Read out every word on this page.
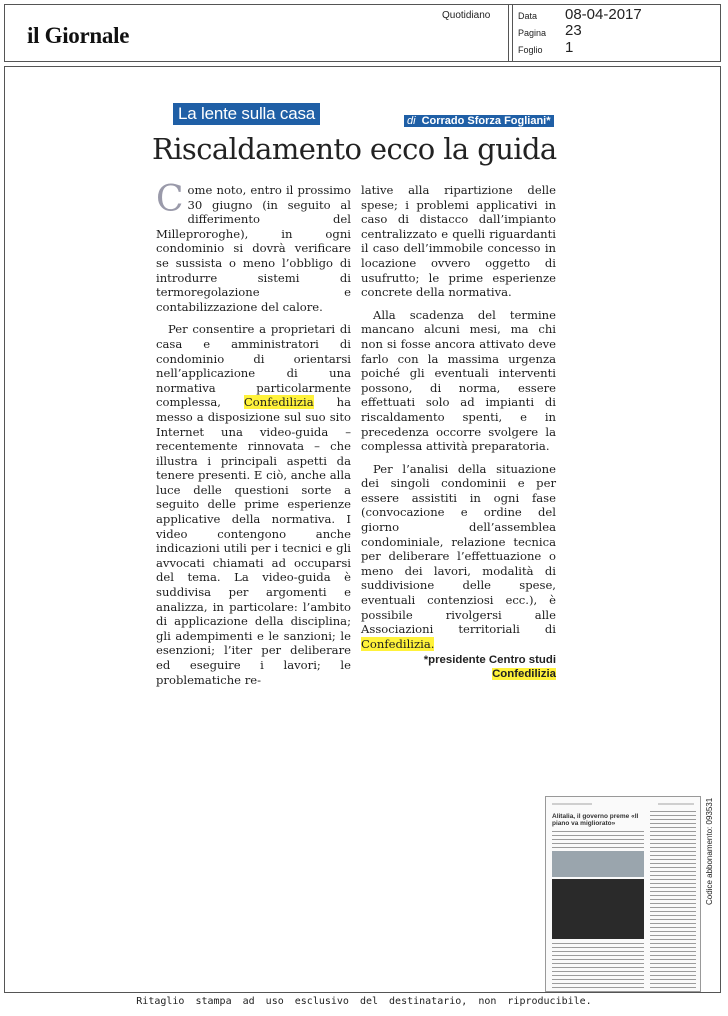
il Giornale
Quotidiano	Data 08-04-2017
Pagina 23
Foglio 1
La lente sulla casa	di Corrado Sforza Fogliani*
Riscaldamento ecco la guida

Come noto, entro il prossimo 30 giugno (in seguito al differimento del Milleproroghe), in ogni condominio si dovrà verificare se sussista o meno l’obbligo di introdurre sistemi di termoregolazione e contabilizzazione del calore.

Per consentire a proprietari di casa e amministratori di condominio di orientarsi nell’applicazione di una normativa particolarmente complessa, Confedilizia ha messo a disposizione sul suo sito Internet una video-guida – recentemente rinnovata – che illustra i principali aspetti da tenere presenti. E ciò, anche alla luce delle questioni sorte a seguito delle prime esperienze applicative della normativa. I video contengono anche indicazioni utili per i tecnici e gli avvocati chiamati ad occuparsi del tema. La video-guida è suddivisa per argomenti e analizza, in particolare: l’ambito di applicazione della disciplina; gli adempimenti e le sanzioni; le esenzioni; l’iter per deliberare ed eseguire i lavori; le problematiche re-

lative alla ripartizione delle spese; i problemi applicativi in caso di distacco dall’impianto centralizzato e quelli riguardanti il caso dell’immobile concesso in locazione ovvero oggetto di usufrutto; le prime esperienze concrete della normativa.

Alla scadenza del termine mancano alcuni mesi, ma chi non si fosse ancora attivato deve farlo con la massima urgenza poiché gli eventuali interventi possono, di norma, essere effettuati solo ad impianti di riscaldamento spenti, e in precedenza occorre svolgere la complessa attività preparatoria.

Per l’analisi della situazione dei singoli condominii e per essere assistiti in ogni fase (convocazione e ordine del giorno dell’assemblea condominiale, relazione tecnica per deliberare l’effettuazione o meno dei lavori, modalità di suddivisione delle spese, eventuali contenziosi ecc.), è possibile rivolgersi alle Associazioni territoriali di Confedilizia.

*presidente Centro studi Confedilizia
Alitalia, il governo preme «Il piano va migliorato»	Codice abbonamento: 093531
Ritaglio stampa ad uso esclusivo del destinatario, non riproducibile.
